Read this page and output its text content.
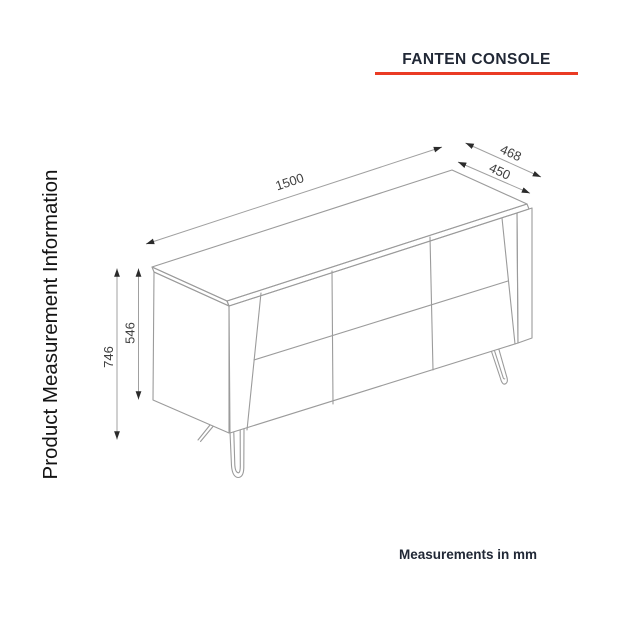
Product Measurement Information
FANTEN CONSOLE
1500
468
450
746
546
Measurements in mm
